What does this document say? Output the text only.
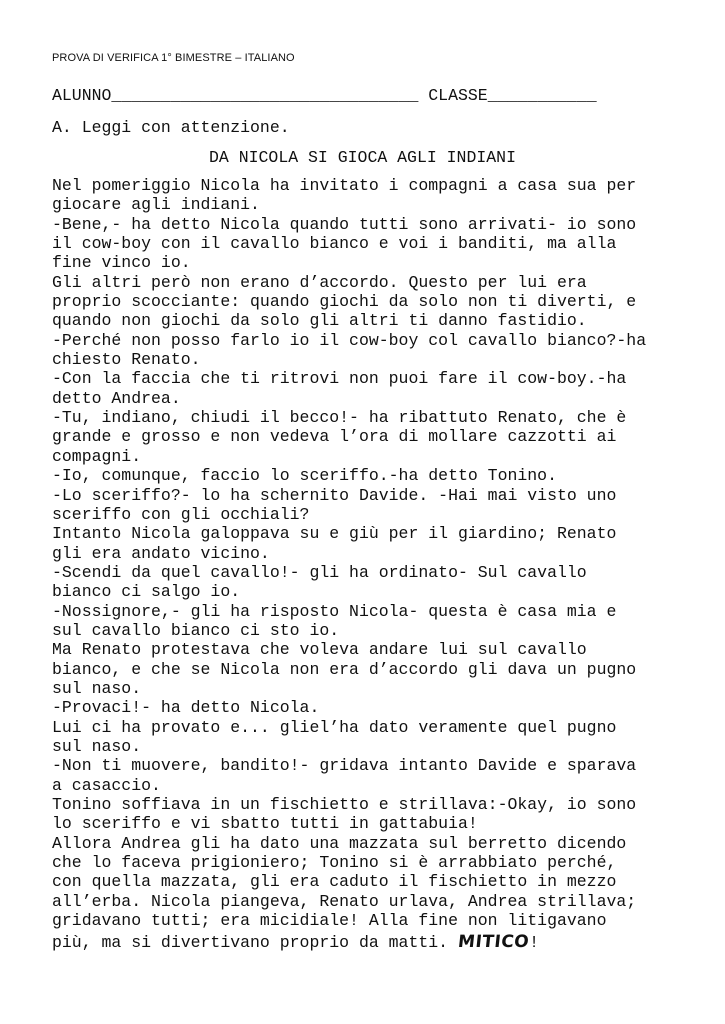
PROVA DI VERIFICA 1° BIMESTRE – ITALIANO
ALUNNO_______________________________ CLASSE___________
A. Leggi con attenzione.
DA NICOLA SI GIOCA AGLI INDIANI
Nel pomeriggio Nicola ha invitato i compagni a casa sua per
giocare agli indiani.
-Bene,- ha detto Nicola quando tutti sono arrivati- io sono
il cow-boy con il cavallo bianco e voi i banditi, ma alla
fine vinco io.
Gli altri però non erano d’accordo. Questo per lui era
proprio scocciante: quando giochi da solo non ti diverti, e
quando non giochi da solo gli altri ti danno fastidio.
-Perché non posso farlo io il cow-boy col cavallo bianco?-ha
chiesto Renato.
-Con la faccia che ti ritrovi non puoi fare il cow-boy.-ha
detto Andrea.
-Tu, indiano, chiudi il becco!- ha ribattuto Renato, che è
grande e grosso e non vedeva l’ora di mollare cazzotti ai
compagni.
-Io, comunque, faccio lo sceriffo.-ha detto Tonino.
-Lo sceriffo?- lo ha schernito Davide. -Hai mai visto uno
sceriffo con gli occhiali?
Intanto Nicola galoppava su e giù per il giardino; Renato
gli era andato vicino.
-Scendi da quel cavallo!- gli ha ordinato- Sul cavallo
bianco ci salgo io.
-Nossignore,- gli ha risposto Nicola- questa è casa mia e
sul cavallo bianco ci sto io.
Ma Renato protestava che voleva andare lui sul cavallo
bianco, e che se Nicola non era d’accordo gli dava un pugno
sul naso.
-Provaci!- ha detto Nicola.
Lui ci ha provato e... gliel’ha dato veramente quel pugno
sul naso.
-Non ti muovere, bandito!- gridava intanto Davide e sparava
a casaccio.
Tonino soffiava in un fischietto e strillava:-Okay, io sono
lo sceriffo e vi sbatto tutti in gattabuia!
Allora Andrea gli ha dato una mazzata sul berretto dicendo
che lo faceva prigioniero; Tonino si è arrabbiato perché,
con quella mazzata, gli era caduto il fischietto in mezzo
all’erba. Nicola piangeva, Renato urlava, Andrea strillava;
gridavano tutti; era micidiale! Alla fine non litigavano
più, ma si divertivano proprio da matti. MITICO!
